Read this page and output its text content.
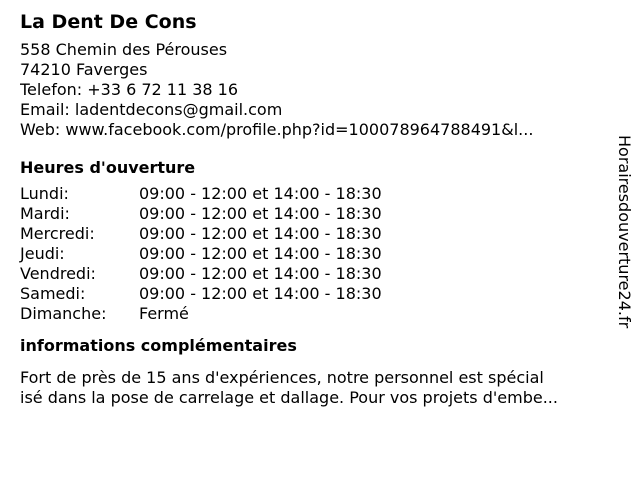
La Dent De Cons
558 Chemin des Pérouses
74210 Faverges
Telefon: +33 6 72 11 38 16
Email: ladentdecons@gmail.com
Web: www.facebook.com/profile.php?id=100078964788491&l...
Heures d'ouverture
Lundi:	09:00 - 12:00 et 14:00 - 18:30
Mardi:	09:00 - 12:00 et 14:00 - 18:30
Mercredi:	09:00 - 12:00 et 14:00 - 18:30
Jeudi:	09:00 - 12:00 et 14:00 - 18:30
Vendredi:	09:00 - 12:00 et 14:00 - 18:30
Samedi:	09:00 - 12:00 et 14:00 - 18:30
Dimanche: Fermé
informations complémentaires
Fort de près de 15 ans d'expériences, notre personnel est spécial
isé dans la pose de carrelage et dallage. Pour vos projets d'embe...
Horairesdouverture24.fr
